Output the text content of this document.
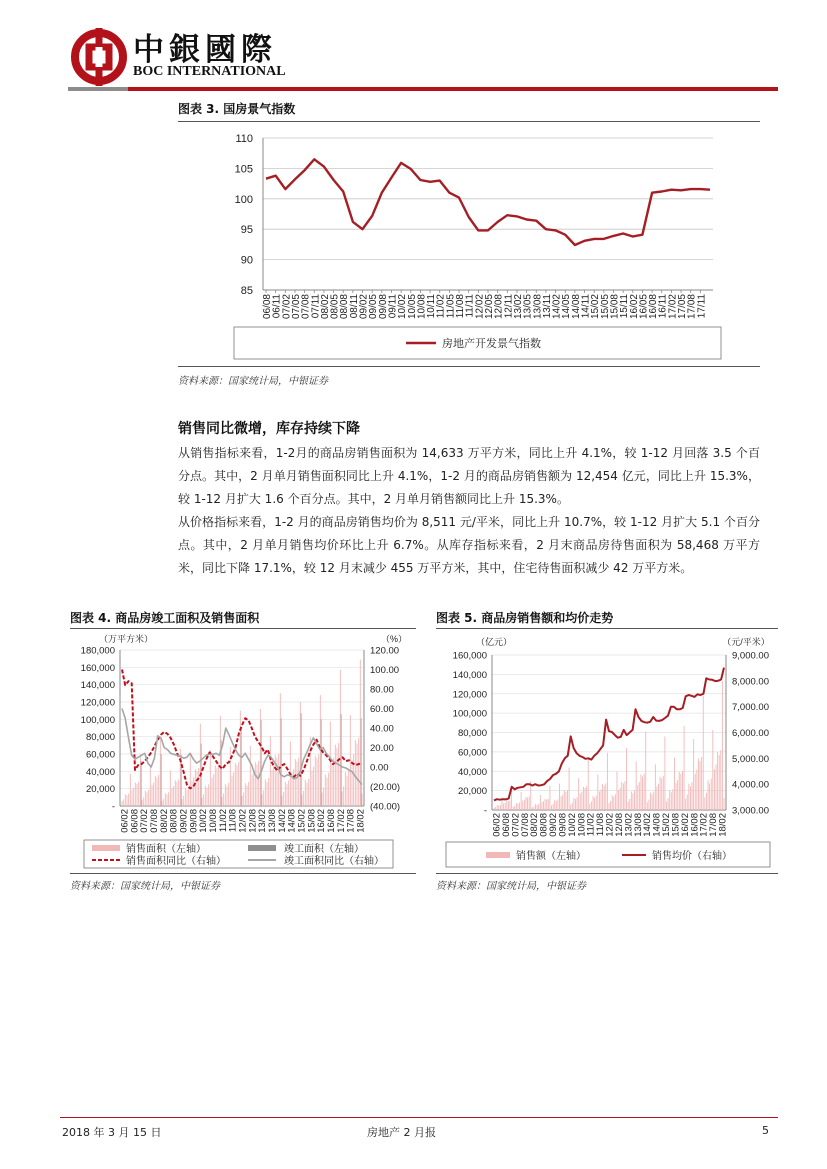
中銀國際
BOC INTERNATIONAL
图表 3. 国房景气指数
85
90
95
100
105
110
06/08
06/11
07/02
07/05
07/08
07/11
08/02
08/05
08/08
08/11
09/02
09/05
09/08
09/11
10/02
10/05
10/08
10/11
11/02
11/05
11/08
11/11
12/02
12/05
12/08
12/11
13/02
13/05
13/08
13/11
14/02
14/05
14/08
14/11
15/02
15/05
15/08
15/11
16/02
16/05
16/08
16/11
17/02
17/05
17/08
17/11
房地产开发景气指数
资料来源：国家统计局，中银证券
销售同比微增，库存持续下降
从销售指标来看，1-2月的商品房销售面积为 14,633 万平方米，同比上升 4.1%，较 1-12 月回落 3.5 个百分点。其中，2 月单月销售面积同比上升 4.1%，1-2 月的商品房销售额为 12,454 亿元，同比上升 15.3%，较 1-12 月扩大 1.6 个百分点。其中，2 月单月销售额同比上升 15.3%。
从价格指标来看，1-2 月的商品房销售均价为 8,511 元/平米，同比上升 10.7%，较 1-12 月扩大 5.1 个百分点。其中，2 月单月销售均价环比上升 6.7%。从库存指标来看，2 月末商品房待售面积为 58,468 万平方米，同比下降 17.1%，较 12 月末减少 455 万平方米，其中，住宅待售面积减少 42 万平方米。
图表 4. 商品房竣工面积及销售面积
（万平方米）	（%）
-
20,000
40,000
60,000
80,000
100,000
120,000
140,000
160,000
180,000
(40.00)
(20.00)
0.00
20.00
40.00
60.00
80.00
100.00
120.00
06/02
06/08
07/02
07/08
08/02
08/08
09/02
09/08
10/02
10/08
11/02
11/08
12/02
12/08
13/02
13/08
14/02
14/08
15/02
15/08
16/02
16/08
17/02
17/08
18/02
销售面积（左轴）	竣工面积（左轴）
销售面积同比（右轴）	竣工面积同比（右轴）
资料来源：国家统计局，中银证券
图表 5. 商品房销售额和均价走势
（亿元）	（元/平米）
-
20,000
40,000
60,000
80,000
100,000
120,000
140,000
160,000
3,000.00
4,000.00
5,000.00
6,000.00
7,000.00
8,000.00
9,000.00
06/02
06/08
07/02
07/08
08/02
08/08
09/02
09/08
10/02
10/08
11/02
11/08
12/02
12/08
13/02
13/08
14/02
14/08
15/02
15/08
16/02
16/08
17/02
17/08
18/02
销售额（左轴）	销售均价（右轴）
资料来源：国家统计局，中银证券
2018 年 3 月 15 日	房地产 2 月报	5
